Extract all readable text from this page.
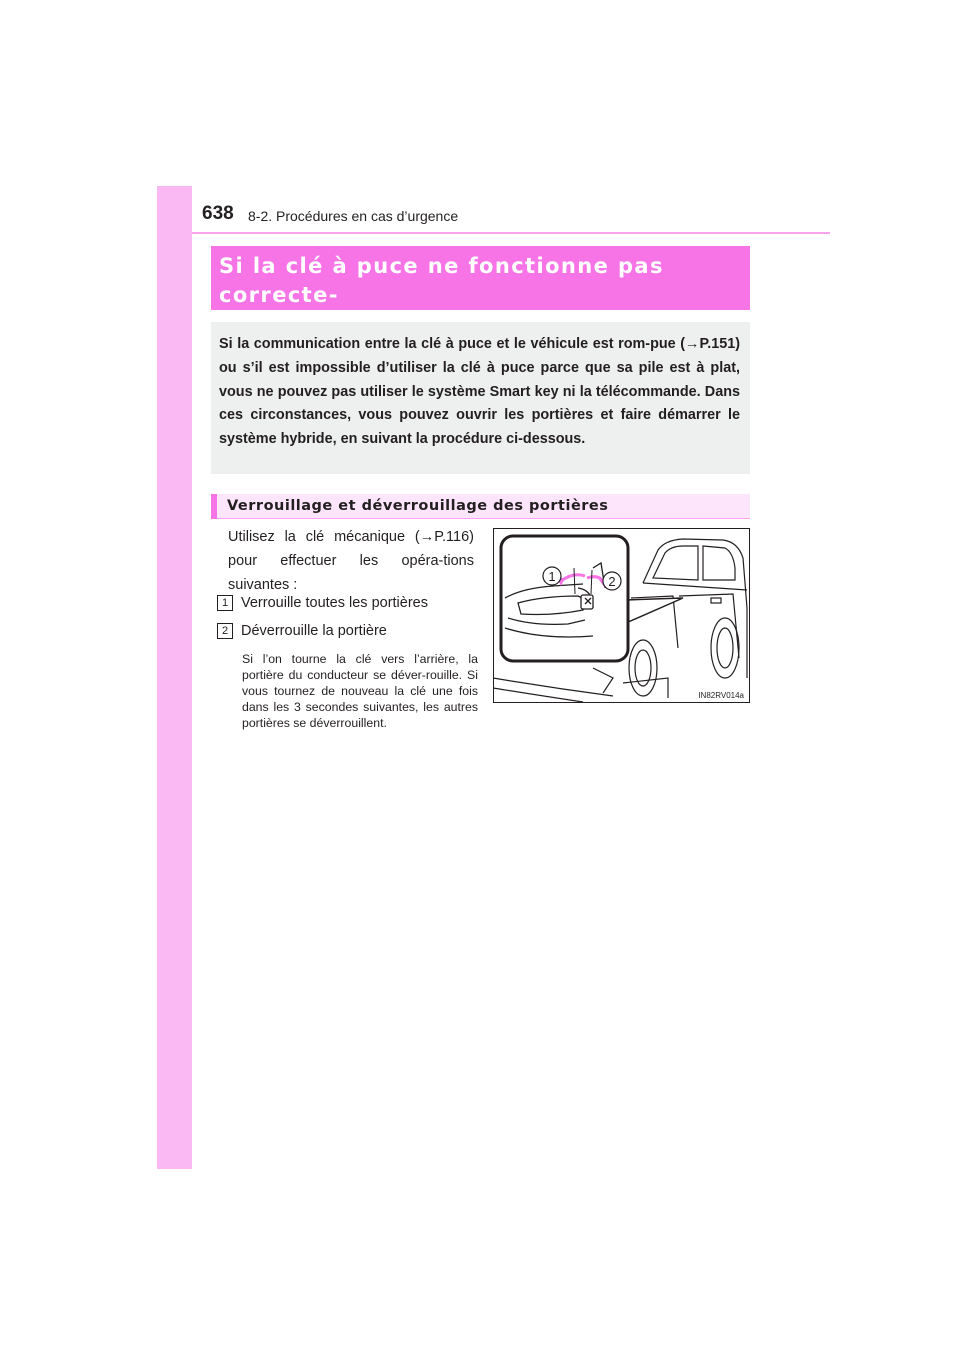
638 8-2. Procédures en cas d’urgence
Si la clé à puce ne fonctionne pas correcte-

Si la communication entre la clé à puce et le véhicule est rom-pue (→P.151) ou s’il est impossible d’utiliser la clé à puce parce que sa pile est à plat, vous ne pouvez pas utiliser le système Smart key ni la télécommande. Dans ces circonstances, vous pouvez ouvrir les portières et faire démarrer le système hybride, en suivant la procédure ci-dessous.

Verrouillage et déverrouillage des portières
Utilisez la clé mécanique (→P.116) pour effectuer les opéra-tions suivantes :
1 Verrouille toutes les portières
2 Déverrouille la portière
Si l’on tourne la clé vers l’arrière, la portière du conducteur se déver-rouille. Si vous tournez de nouveau la clé une fois dans les 3 secondes suivantes, les autres portières se déverrouillent.
1	2
IN82RV014a
